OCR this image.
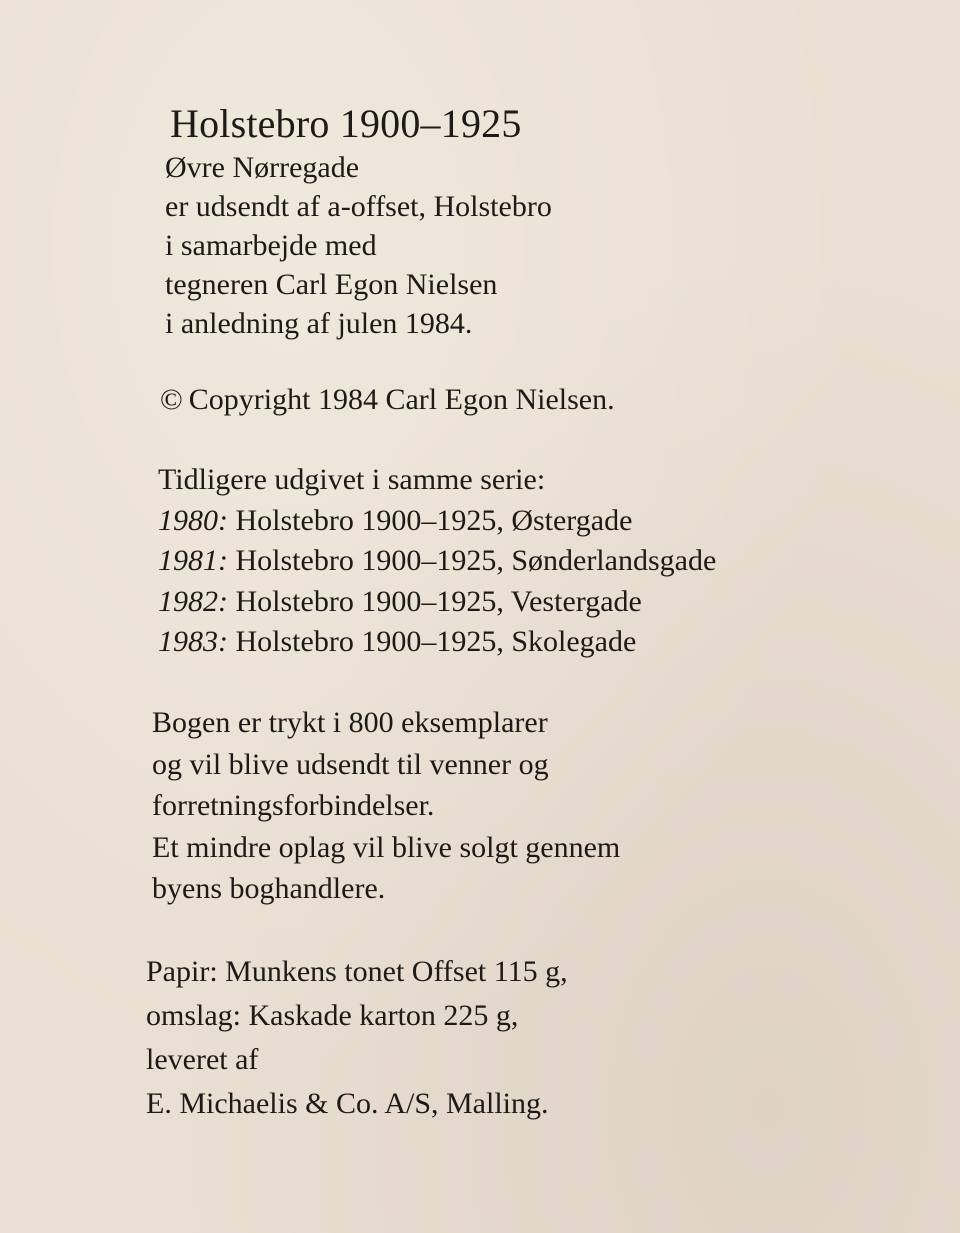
Holstebro 1900–1925
Øvre Nørregade
er udsendt af a-offset, Holstebro
i samarbejde med
tegneren Carl Egon Nielsen
i anledning af julen 1984.
© Copyright 1984 Carl Egon Nielsen.
Tidligere udgivet i samme serie:
1980: Holstebro 1900–1925, Østergade
1981: Holstebro 1900–1925, Sønderlandsgade
1982: Holstebro 1900–1925, Vestergade
1983: Holstebro 1900–1925, Skolegade
Bogen er trykt i 800 eksemplarer
og vil blive udsendt til venner og
forretningsforbindelser.
Et mindre oplag vil blive solgt gennem
byens boghandlere.
Papir: Munkens tonet Offset 115 g,
omslag: Kaskade karton 225 g,
leveret af
E. Michaelis & Co. A/S, Malling.
